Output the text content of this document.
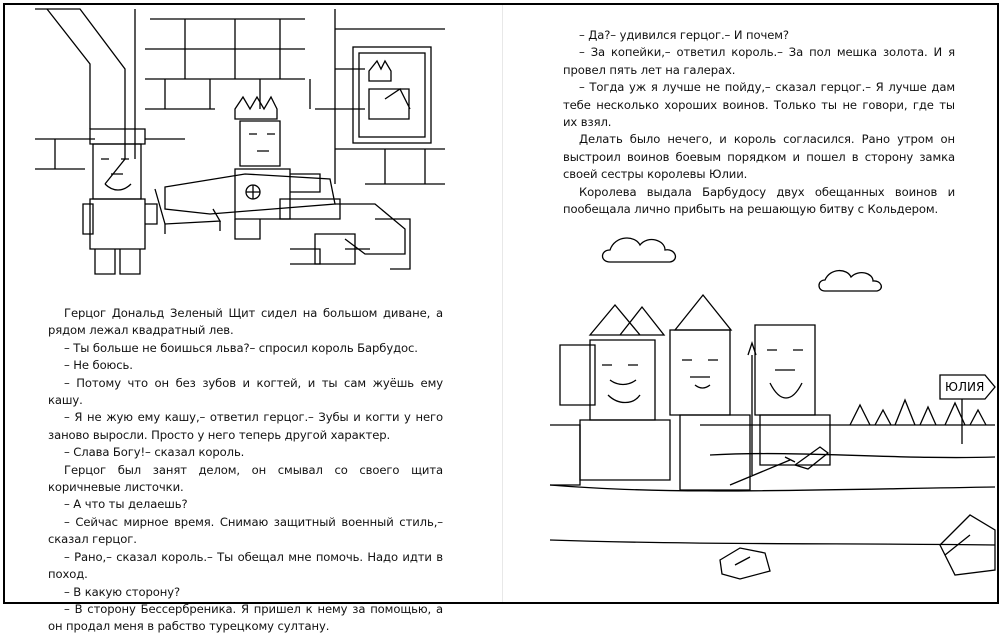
Герцог Дональд Зеленый Щит сидел на большом диване, а рядом лежал квадратный лев.

– Ты больше не боишься льва?– спросил король Барбудос.

– Не боюсь.

– Потому что он без зубов и когтей, и ты сам жуёшь ему кашу.

– Я не жую ему кашу,– ответил герцог.– Зубы и когти у него заново выросли. Просто у него теперь другой характер.

– Слава Богу!– сказал король.

Герцог был занят делом, он смывал со своего щита коричневые листочки.

– А что ты делаешь?

– Сейчас мирное время. Снимаю защитный военный стиль,– сказал герцог.

– Рано,– сказал король.– Ты обещал мне помочь. Надо идти в поход.

– В какую сторону?

– В сторону Бессербреника. Я пришел к нему за помощью, а он продал меня в рабство турецкому султану.

– Да?– удивился герцог.– И почем?

– За копейки,– ответил король.– За пол мешка золота. И я провел пять лет на галерах.

– Тогда уж я лучше не пойду,– сказал герцог.– Я лучше дам тебе несколько хороших воинов. Только ты не говори, где ты их взял.

Делать было нечего, и король согласился. Рано утром он выстроил воинов боевым порядком и пошел в сторону замка своей сестры королевы Юлии.

Королева выдала Барбудосу двух обещанных воинов и пообещала лично прибыть на решающую битву с Кольдером.

ЮЛИЯ
